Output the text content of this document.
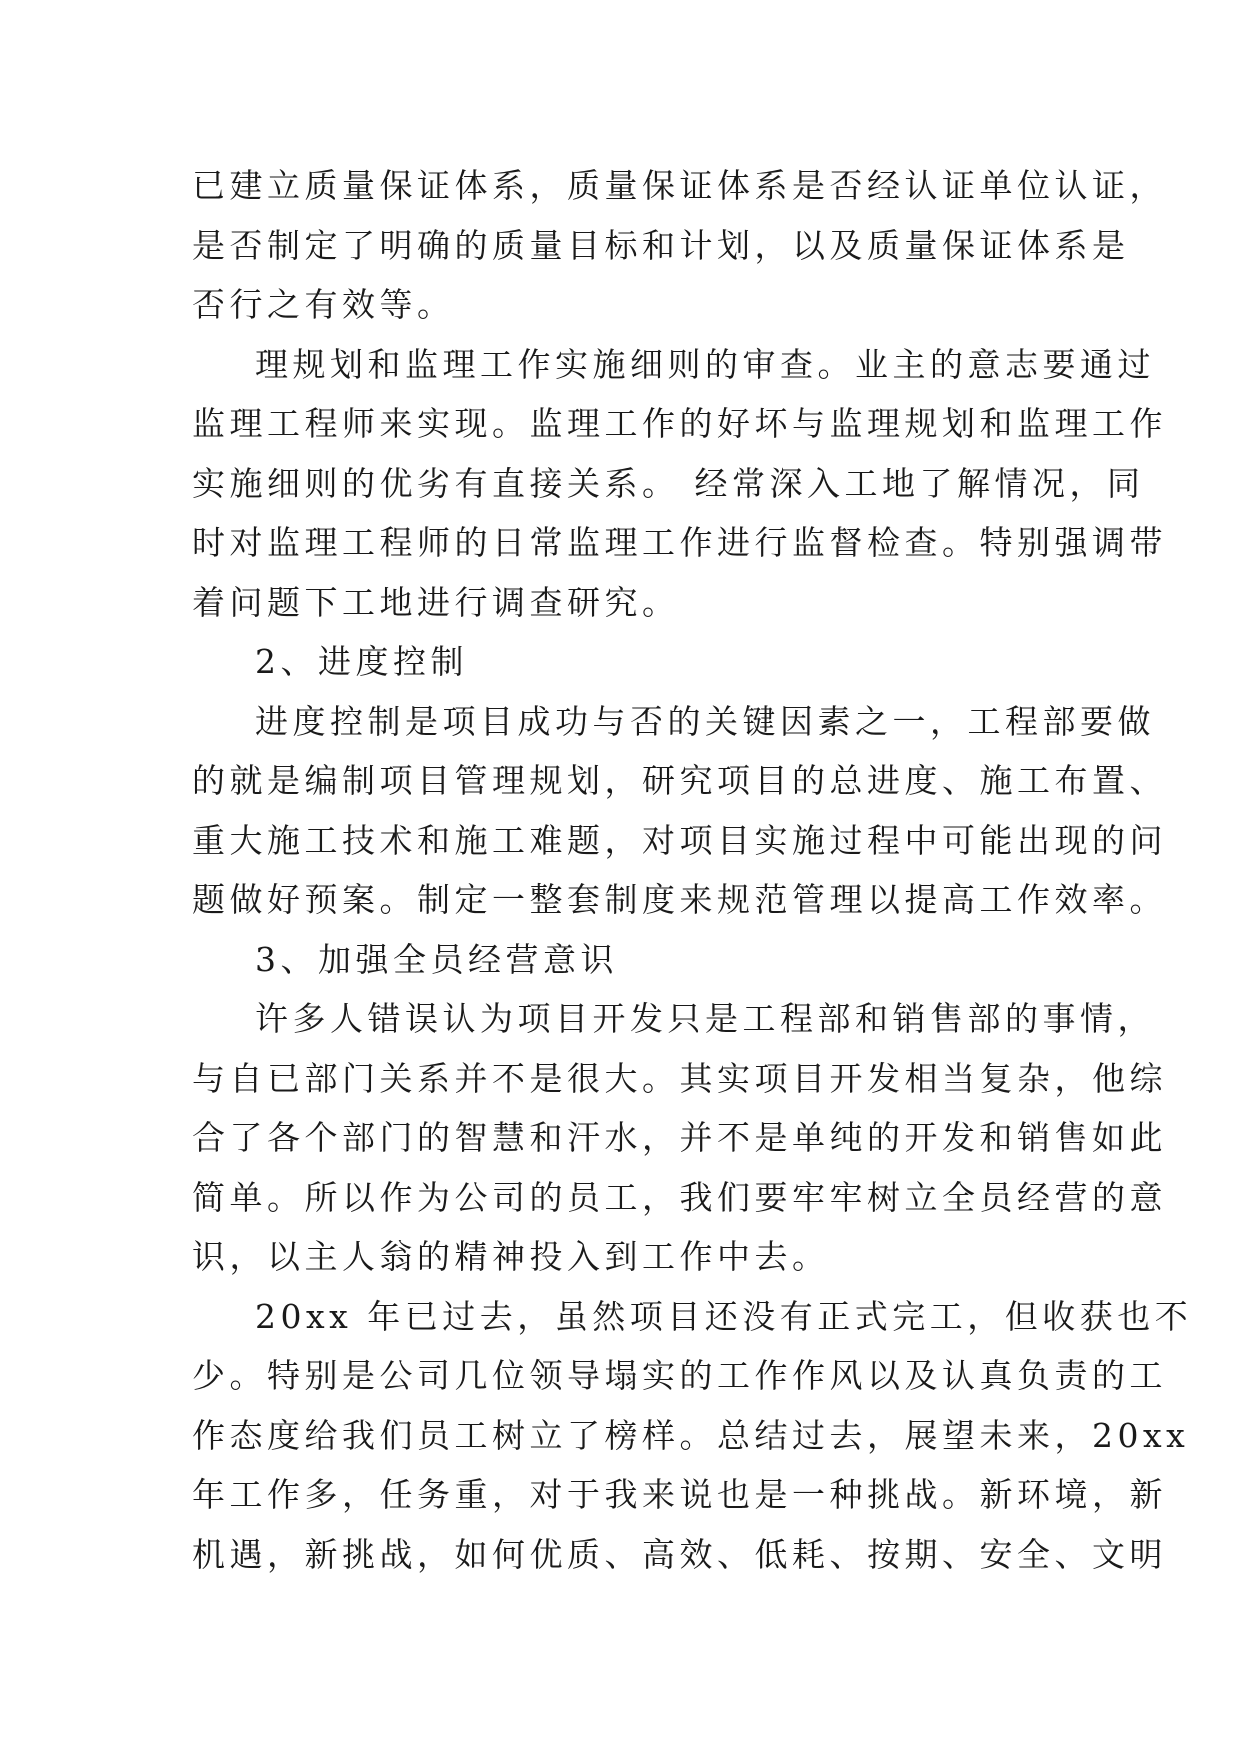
已建立质量保证体系，质量保证体系是否经认证单位认证，
是否制定了明确的质量目标和计划，以及质量保证体系是
否行之有效等。
理规划和监理工作实施细则的审查。业主的意志要通过
监理工程师来实现。监理工作的好坏与监理规划和监理工作
实施细则的优劣有直接关系。 经常深入工地了解情况，同
时对监理工程师的日常监理工作进行监督检查。特别强调带
着问题下工地进行调查研究。
2、进度控制
进度控制是项目成功与否的关键因素之一，工程部要做
的就是编制项目管理规划，研究项目的总进度、施工布置、
重大施工技术和施工难题，对项目实施过程中可能出现的问
题做好预案。制定一整套制度来规范管理以提高工作效率。
3、加强全员经营意识
许多人错误认为项目开发只是工程部和销售部的事情，
与自已部门关系并不是很大。其实项目开发相当复杂，他综
合了各个部门的智慧和汗水，并不是单纯的开发和销售如此
简单。所以作为公司的员工，我们要牢牢树立全员经营的意
识，以主人翁的精神投入到工作中去。
20xx 年已过去，虽然项目还没有正式完工，但收获也不
少。特别是公司几位领导塌实的工作作风以及认真负责的工
作态度给我们员工树立了榜样。总结过去，展望未来，20xx
年工作多，任务重，对于我来说也是一种挑战。新环境，新
机遇，新挑战，如何优质、高效、低耗、按期、安全、文明
